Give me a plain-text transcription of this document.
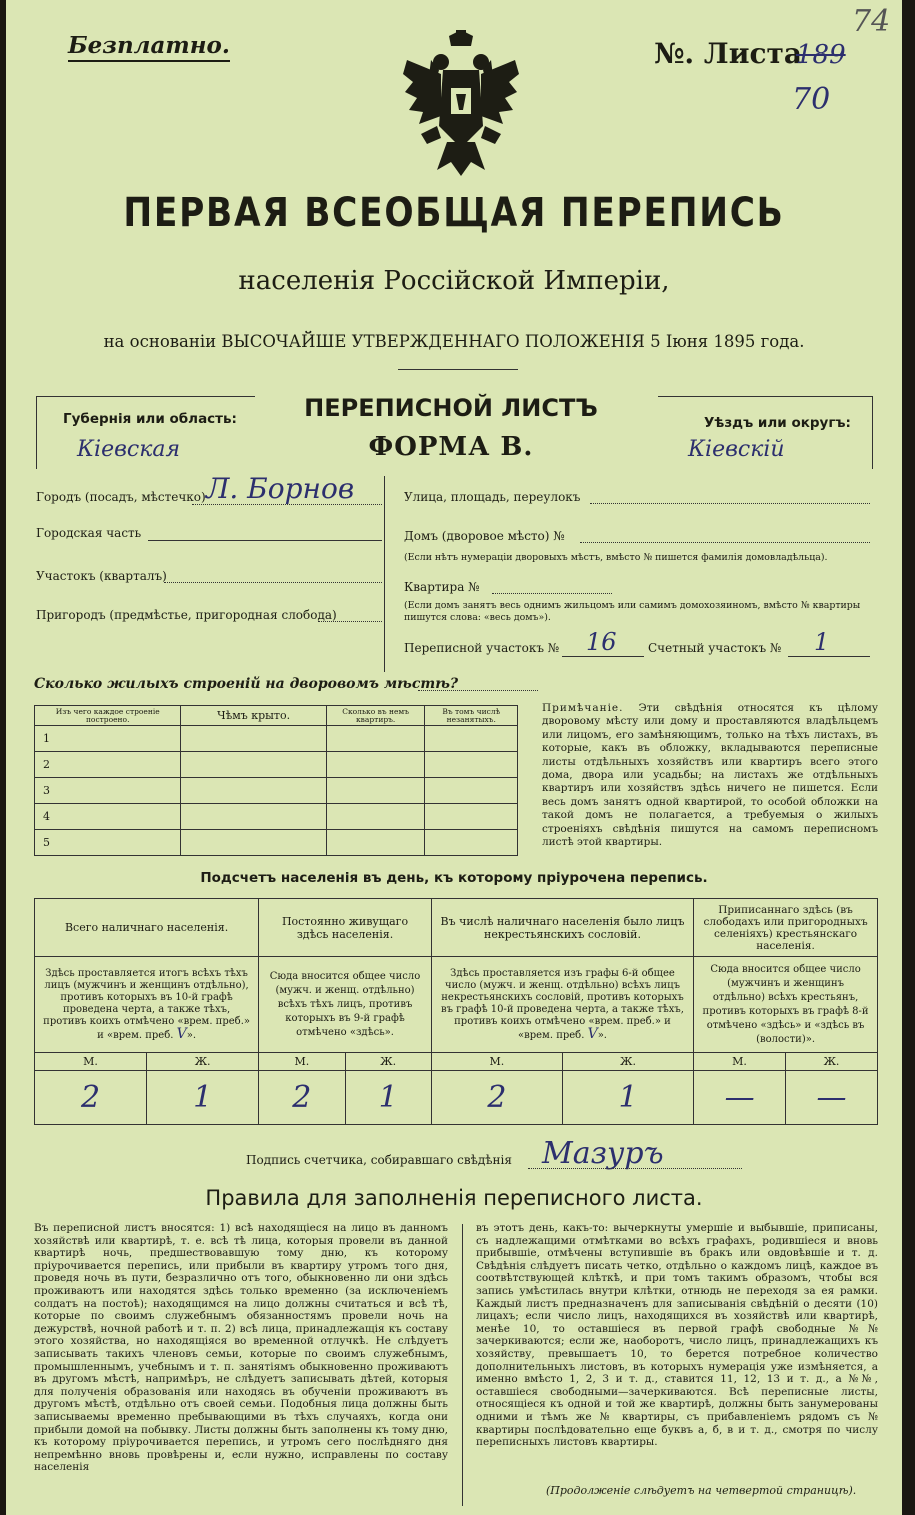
Безплатно.	№. Листа
189
70
74
ПЕРВАЯ ВСЕОБЩАЯ ПЕРЕПИСЬ
населенія Россійской Имперіи,
на основаніи ВЫСОЧАЙШЕ УТВЕРЖДЕННАГО ПОЛОЖЕНІЯ 5 Іюня 1895 года.
Губернія или область:
Кіевская
ПЕРЕПИСНОЙ ЛИСТЪ
ФОРМА В.
Уѣздъ или округъ:
Кіевскій
Городъ (посадъ, мѣстечко) Л. Борнов
Городская часть
Участокъ (кварталъ)
Пригородъ (предмѣстье, пригородная слобода)
Улица, площадь, переулокъ
Домъ (дворовое мѣсто) №
(Если нѣтъ нумераціи дворовыхъ мѣстъ, вмѣсто № пишется фамилія домовладѣльца).
Квартира №
(Если домъ занятъ весь однимъ жильцомъ или самимъ домохозяиномъ, вмѣсто № квартиры пишутся слова: «весь домъ»).
Переписной участокъ № 16	Счетный участокъ № 1
Сколько жилыхъ строеній на дворовомъ мѣстѣ?
Изъ чего каждое строеніе построено.	Чѣмъ крыто.	Сколько въ немъ квартиръ.	Въ томъ числѣ незанятыхъ.

1			
2			
3			
4			
5			
Примѣчаніе. Эти свѣдѣнія относятся къ цѣлому дворовому мѣсту или дому и проставляются владѣльцемъ или лицомъ, его замѣняющимъ, только на тѣхъ листахъ, въ которые, какъ въ обложку, вкладываются переписные листы отдѣльныхъ хозяйствъ или квартиръ всего этого дома, двора или усадьбы; на листахъ же отдѣльныхъ квартиръ или хозяйствъ здѣсь ничего не пишется. Если весь домъ занятъ одной квартирой, то особой обложки на такой домъ не полагается, а требуемыя о жилыхъ строеніяхъ свѣдѣнія пишутся на самомъ переписномъ листѣ этой квартиры.
Подсчетъ населенія въ день, къ которому пріурочена перепись.
Всего наличнаго населенія.		Постоянно живущаго здѣсь населенія.		Въ числѣ наличнаго населенія было лицъ некрестьянскихъ сословій.		Приписаннаго здѣсь (въ слободахъ или пригородныхъ селеніяхъ) крестьянскаго населенія.	
Здѣсь проставляется итогъ всѣхъ тѣхъ лицъ (мужчинъ и женщинъ отдѣльно), противъ которыхъ въ 10-й графѣ проведена черта, а также тѣхъ, противъ коихъ отмѣчено «врем. преб.» и «врем. преб. V».		Сюда вносится общее число (мужч. и женщ. отдѣльно) всѣхъ тѣхъ лицъ, противъ которыхъ въ 9-й графѣ отмѣчено «здѣсь».		Здѣсь проставляется изъ графы 6-й общее число (мужч. и женщ. отдѣльно) всѣхъ лицъ некрестьянскихъ сословій, противъ которыхъ въ графѣ 10-й проведена черта, а также тѣхъ, противъ коихъ отмѣчено «врем. преб.» и «врем. преб. V».		Сюда вносится общее число (мужчинъ и женщинъ отдѣльно) всѣхъ крестьянъ, противъ которыхъ въ графѣ 8-й отмѣчено «здѣсь» и «здѣсь въ (волости)».	
М.	Ж.	М.	Ж.	М.	Ж.	М.	Ж.
2	1	2	1	2	1	—	—
Подпись счетчика, собиравшаго свѣдѣнія Мазуръ
Правила для заполненія переписного листа.
Въ переписной листъ вносятся: 1) всѣ находящіеся на лицо въ данномъ хозяйствѣ или квартирѣ, т. е. всѣ тѣ лица, которыя провели въ данной квартирѣ ночь, предшествовавшую тому дню, къ которому пріурочивается перепись, или прибыли въ квартиру утромъ того дня, проведя ночь въ пути, безразлично отъ того, обыкновенно ли они здѣсь проживаютъ или находятся здѣсь только временно (за исключеніемъ солдатъ на постоѣ); находящимся на лицо должны считаться и всѣ тѣ, которые по своимъ служебнымъ обязанностямъ провели ночь на дежурствѣ, ночной работѣ и т. п. 2) всѣ лица, принадлежащія къ составу этого хозяйства, но находящіяся во временной отлучкѣ. Не слѣдуетъ записывать такихъ членовъ семьи, которые по своимъ служебнымъ, промышленнымъ, учебнымъ и т. п. занятіямъ обыкновенно проживаютъ въ другомъ мѣстѣ, напримѣръ, не слѣдуетъ записывать дѣтей, которыя для полученія образованія или находясь въ обученіи проживаютъ въ другомъ мѣстѣ, отдѣльно отъ своей семьи. Подобныя лица должны быть записываемы временно пребывающими въ тѣхъ случаяхъ, когда они прибыли домой на побывку. Листы должны быть заполнены къ тому дню, къ которому пріурочивается перепись, и утромъ сего послѣдняго дня непремѣнно вновь провѣрены и, если нужно, исправлены по составу населенія
въ этотъ день, какъ-то: вычеркнуты умершіе и выбывшіе, приписаны, съ надлежащими отмѣтками во всѣхъ графахъ, родившіеся и вновь прибывшіе, отмѣчены вступившіе въ бракъ или овдовѣвшіе и т. д. Свѣдѣнія слѣдуетъ писать четко, отдѣльно о каждомъ лицѣ, каждое въ соотвѣтствующей клѣткѣ, и при томъ такимъ образомъ, чтобы вся запись умѣстилась внутри клѣтки, отнюдь не переходя за ея рамки. Каждый листъ предназначенъ для записыванія свѣдѣній о десяти (10) лицахъ; если число лицъ, находящихся въ хозяйствѣ или квартирѣ, менѣе 10, то оставшіеся въ первой графѣ свободные №№ зачеркиваются; если же, наоборотъ, число лицъ, принадлежащихъ къ хозяйству, превышаетъ 10, то берется потребное количество дополнительныхъ листовъ, въ которыхъ нумерація уже измѣняется, а именно вмѣсто 1, 2, 3 и т. д., ставится 11, 12, 13 и т. д., а №№, оставшіеся свободными—зачеркиваются. Всѣ переписные листы, относящіеся къ одной и той же квартирѣ, должны быть занумерованы одними и тѣмъ же № квартиры, съ прибавленіемъ рядомъ съ № квартиры послѣдовательно еще буквъ а, б, в и т. д., смотря по числу переписныхъ листовъ квартиры.
(Продолженіе слѣдуетъ на четвертой страницѣ).
